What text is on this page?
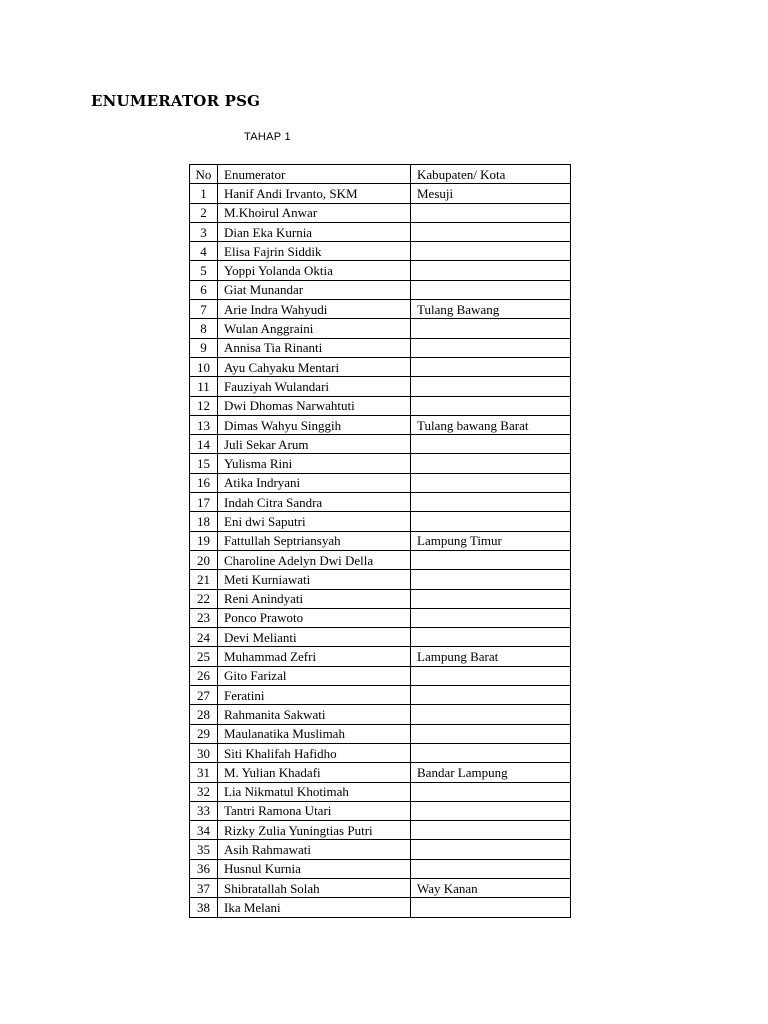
ENUMERATOR PSG
TAHAP 1
No	Enumerator	Kabupaten/ Kota
1	Hanif Andi Irvanto, SKM	Mesuji
2	M.Khoirul Anwar	
3	Dian Eka Kurnia	
4	Elisa Fajrin Siddik	
5	Yoppi Yolanda Oktia	
6	Giat Munandar	
7	Arie Indra Wahyudi	Tulang Bawang
8	Wulan Anggraini	
9	Annisa Tia Rinanti	
10	Ayu Cahyaku Mentari	
11	Fauziyah Wulandari	
12	Dwi Dhomas Narwahtuti	
13	Dimas Wahyu Singgih	Tulang bawang Barat
14	Juli Sekar Arum	
15	Yulisma Rini	
16	Atika Indryani	
17	Indah Citra Sandra	
18	Eni dwi Saputri	
19	Fattullah Septriansyah	Lampung Timur
20	Charoline Adelyn Dwi Della	
21	Meti Kurniawati	
22	Reni Anindyati	
23	Ponco Prawoto	
24	Devi Melianti	
25	Muhammad Zefri	Lampung Barat
26	Gito Farizal	
27	Feratini	
28	Rahmanita Sakwati	
29	Maulanatika Muslimah	
30	Siti Khalifah Hafidho	
31	M. Yulian Khadafi	Bandar Lampung
32	Lia Nikmatul Khotimah	
33	Tantri Ramona Utari	
34	Rizky Zulia Yuningtias Putri	
35	Asih Rahmawati	
36	Husnul Kurnia	
37	Shibratallah Solah	Way Kanan
38	Ika Melani	
